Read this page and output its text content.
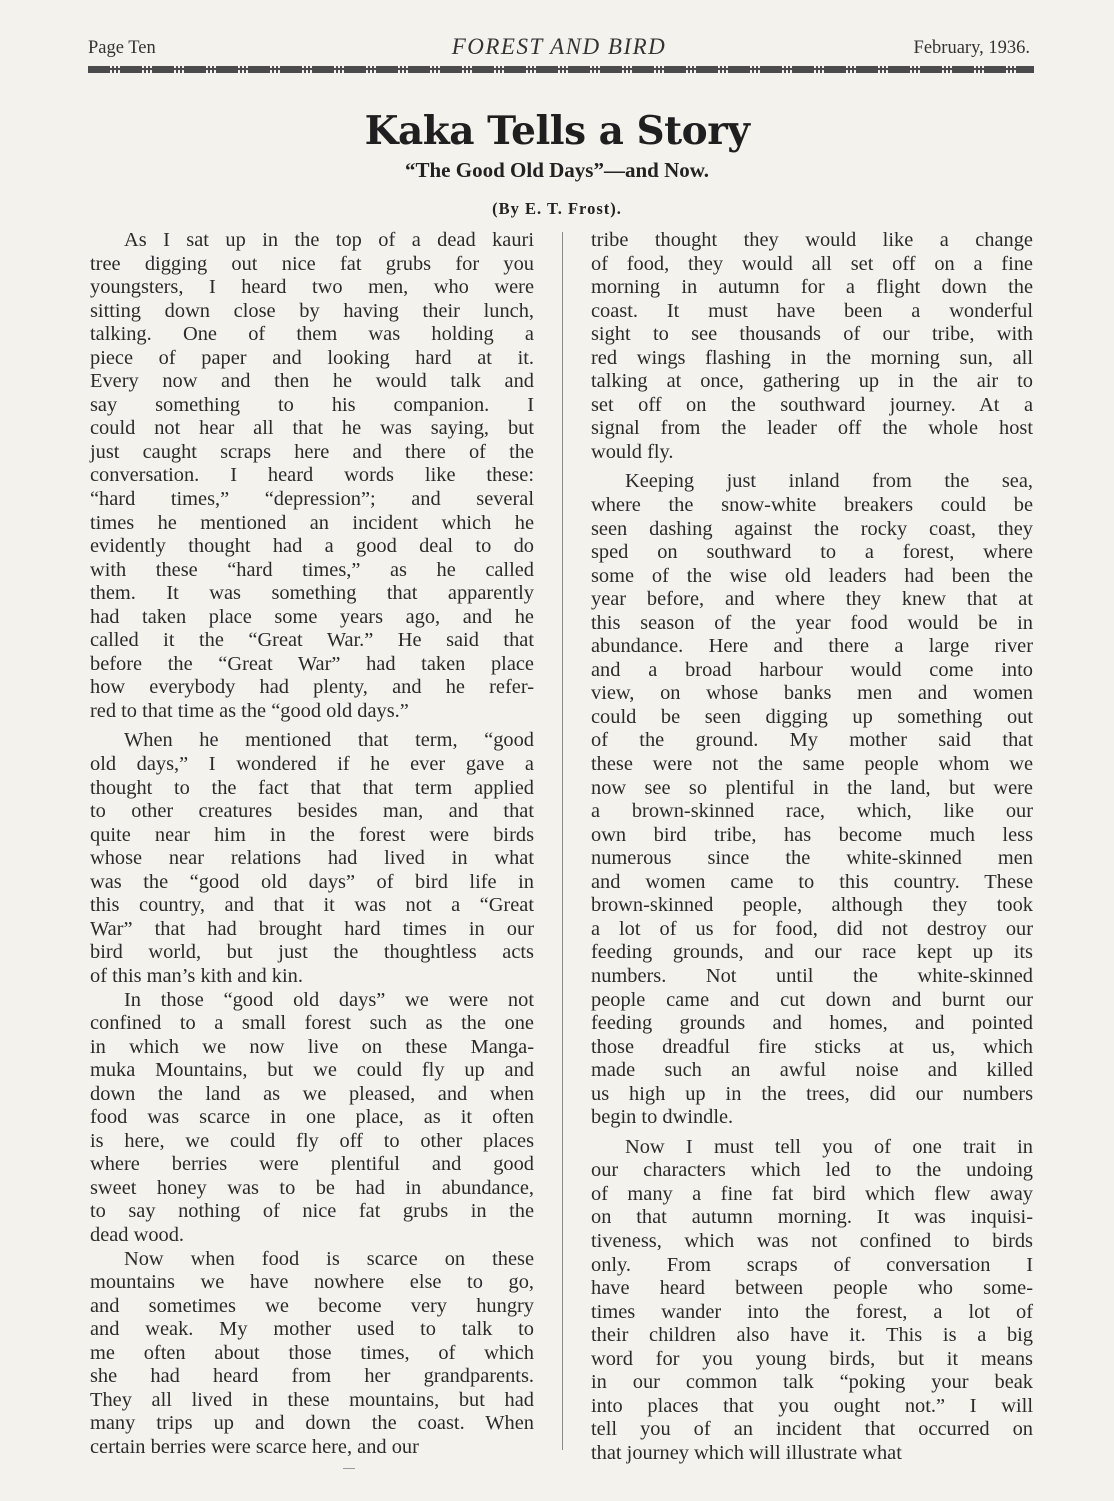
Page Ten	FOREST AND BIRD	February, 1936.
Kaka Tells a Story
“The Good Old Days”—and Now.
(By E. T. Frost).
As I sat up in the top of a dead kauri
tree digging out nice fat grubs for you
youngsters, I heard two men, who were
sitting down close by having their lunch,
talking. One of them was holding a
piece of paper and looking hard at it.
Every now and then he would talk and
say something to his companion. I
could not hear all that he was saying, but
just caught scraps here and there of the
conversation. I heard words like these:
“hard times,” “depression”; and several
times he mentioned an incident which he
evidently thought had a good deal to do
with these “hard times,” as he called
them. It was something that apparently
had taken place some years ago, and he
called it the “Great War.” He said that
before the “Great War” had taken place
how everybody had plenty, and he refer-
red to that time as the “good old days.”
When he mentioned that term, “good
old days,” I wondered if he ever gave a
thought to the fact that that term applied
to other creatures besides man, and that
quite near him in the forest were birds
whose near relations had lived in what
was the “good old days” of bird life in
this country, and that it was not a “Great
War” that had brought hard times in our
bird world, but just the thoughtless acts
of this man’s kith and kin.
In those “good old days” we were not
confined to a small forest such as the one
in which we now live on these Manga-
muka Mountains, but we could fly up and
down the land as we pleased, and when
food was scarce in one place, as it often
is here, we could fly off to other places
where berries were plentiful and good
sweet honey was to be had in abundance,
to say nothing of nice fat grubs in the
dead wood.
Now when food is scarce on these
mountains we have nowhere else to go,
and sometimes we become very hungry
and weak. My mother used to talk to
me often about those times, of which
she had heard from her grandparents.
They all lived in these mountains, but had
many trips up and down the coast. When
certain berries were scarce here, and our
tribe thought they would like a change
of food, they would all set off on a fine
morning in autumn for a flight down the
coast. It must have been a wonderful
sight to see thousands of our tribe, with
red wings flashing in the morning sun, all
talking at once, gathering up in the air to
set off on the southward journey. At a
signal from the leader off the whole host
would fly.
Keeping just inland from the sea,
where the snow-white breakers could be
seen dashing against the rocky coast, they
sped on southward to a forest, where
some of the wise old leaders had been the
year before, and where they knew that at
this season of the year food would be in
abundance. Here and there a large river
and a broad harbour would come into
view, on whose banks men and women
could be seen digging up something out
of the ground. My mother said that
these were not the same people whom we
now see so plentiful in the land, but were
a brown-skinned race, which, like our
own bird tribe, has become much less
numerous since the white-skinned men
and women came to this country. These
brown-skinned people, although they took
a lot of us for food, did not destroy our
feeding grounds, and our race kept up its
numbers. Not until the white-skinned
people came and cut down and burnt our
feeding grounds and homes, and pointed
those dreadful fire sticks at us, which
made such an awful noise and killed
us high up in the trees, did our numbers
begin to dwindle.
Now I must tell you of one trait in
our characters which led to the undoing
of many a fine fat bird which flew away
on that autumn morning. It was inquisi-
tiveness, which was not confined to birds
only. From scraps of conversation I
have heard between people who some-
times wander into the forest, a lot of
their children also have it. This is a big
word for you young birds, but it means
in our common talk “poking your beak
into places that you ought not.” I will
tell you of an incident that occurred on
that journey which will illustrate what
